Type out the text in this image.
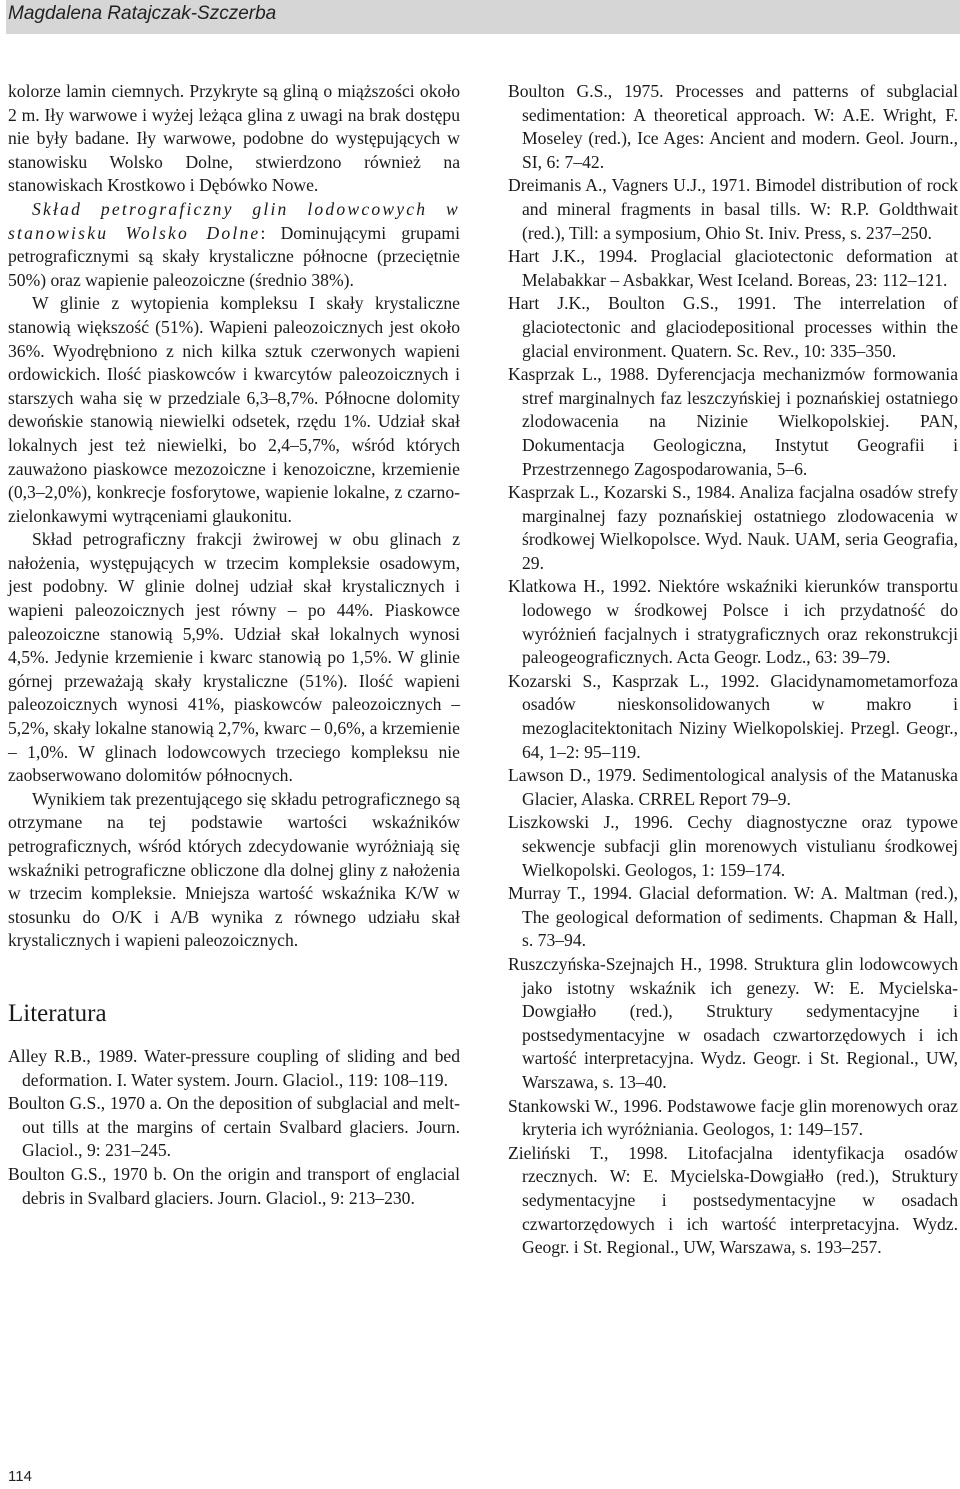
Magdalena Ratajczak-Szczerba

kolorze lamin ciemnych. Przykryte są gliną o miąższości około 2 m. Iły warwowe i wyżej leżąca glina z uwagi na brak dostępu nie były badane. Iły warwowe, podobne do występujących w stanowisku Wolsko Dolne, stwierdzono również na stanowiskach Krostkowo i Dębówko Nowe.

Skład petrograficzny glin lodowcowych w stanowisku Wolsko Dolne: Dominującymi grupami petrograficznymi są skały krystaliczne północne (przeciętnie 50%) oraz wapienie paleozoiczne (średnio 38%).

W glinie z wytopienia kompleksu I skały krystaliczne stanowią większość (51%). Wapieni paleozoicznych jest około 36%. Wyodrębniono z nich kilka sztuk czerwonych wapieni ordowickich. Ilość piaskowców i kwarcytów paleozoicznych i starszych waha się w przedziale 6,3–8,7%. Północne dolomity dewońskie stanowią niewielki odsetek, rzędu 1%. Udział skał lokalnych jest też niewielki, bo 2,4–5,7%, wśród których zauważono piaskowce mezozoiczne i kenozoiczne, krzemienie (0,3–2,0%), konkrecje fosforytowe, wapienie lokalne, z czarno-zielonkawymi wytrąceniami glaukonitu.

Skład petrograficzny frakcji żwirowej w obu glinach z nałożenia, występujących w trzecim kompleksie osadowym, jest podobny. W glinie dolnej udział skał krystalicznych i wapieni paleozoicznych jest równy – po 44%. Piaskowce paleozoiczne stanowią 5,9%. Udział skał lokalnych wynosi 4,5%. Jedynie krzemienie i kwarc stanowią po 1,5%. W glinie górnej przeważają skały krystaliczne (51%). Ilość wapieni paleozoicznych wynosi 41%, piaskowców paleozoicznych – 5,2%, skały lokalne stanowią 2,7%, kwarc – 0,6%, a krzemienie – 1,0%. W glinach lodowcowych trzeciego kompleksu nie zaobserwowano dolomitów północnych.

Wynikiem tak prezentującego się składu petrograficznego są otrzymane na tej podstawie wartości wskaźników petrograficznych, wśród których zdecydowanie wyróżniają się wskaźniki petrograficzne obliczone dla dolnej gliny z nałożenia w trzecim kompleksie. Mniejsza wartość wskaźnika K/W w stosunku do O/K i A/B wynika z równego udziału skał krystalicznych i wapieni paleozoicznych.

Literatura

Alley R.B., 1989. Water-pressure coupling of sliding and bed deformation. I. Water system. Journ. Glaciol., 119: 108–119.

Boulton G.S., 1970 a. On the deposition of subglacial and melt-out tills at the margins of certain Svalbard glaciers. Journ. Glaciol., 9: 231–245.

Boulton G.S., 1970 b. On the origin and transport of englacial debris in Svalbard glaciers. Journ. Glaciol., 9: 213–230.

Boulton G.S., 1975. Processes and patterns of subglacial sedimentation: A theoretical approach. W: A.E. Wright, F. Moseley (red.), Ice Ages: Ancient and modern. Geol. Journ., SI, 6: 7–42.

Dreimanis A., Vagners U.J., 1971. Bimodel distribution of rock and mineral fragments in basal tills. W: R.P. Goldthwait (red.), Till: a symposium, Ohio St. Iniv. Press, s. 237–250.

Hart J.K., 1994. Proglacial glaciotectonic deformation at Melabakkar – Asbakkar, West Iceland. Boreas, 23: 112–121.

Hart J.K., Boulton G.S., 1991. The interrelation of glaciotectonic and glaciodepositional processes within the glacial environment. Quatern. Sc. Rev., 10: 335–350.

Kasprzak L., 1988. Dyferencjacja mechanizmów formowania stref marginalnych faz leszczyńskiej i poznańskiej ostatniego zlodowacenia na Nizinie Wielkopolskiej. PAN, Dokumentacja Geologiczna, Instytut Geografii i Przestrzennego Zagospodarowania, 5–6.

Kasprzak L., Kozarski S., 1984. Analiza facjalna osadów strefy marginalnej fazy poznańskiej ostatniego zlodowacenia w środkowej Wielkopolsce. Wyd. Nauk. UAM, seria Geografia, 29.

Klatkowa H., 1992. Niektóre wskaźniki kierunków transportu lodowego w środkowej Polsce i ich przydatność do wyróżnień facjalnych i stratygraficznych oraz rekonstrukcji paleogeograficznych. Acta Geogr. Lodz., 63: 39–79.

Kozarski S., Kasprzak L., 1992. Glacidynamometamorfoza osadów nieskonsolidowanych w makro i mezoglacitektonitach Niziny Wielkopolskiej. Przegl. Geogr., 64, 1–2: 95–119.

Lawson D., 1979. Sedimentological analysis of the Matanuska Glacier, Alaska. CRREL Report 79–9.

Liszkowski J., 1996. Cechy diagnostyczne oraz typowe sekwencje subfacji glin morenowych vistulianu środkowej Wielkopolski. Geologos, 1: 159–174.

Murray T., 1994. Glacial deformation. W: A. Maltman (red.), The geological deformation of sediments. Chapman & Hall, s. 73–94.

Ruszczyńska-Szejnajch H., 1998. Struktura glin lodowcowych jako istotny wskaźnik ich genezy. W: E. Mycielska-Dowgiałło (red.), Struktury sedymentacyjne i postsedymentacyjne w osadach czwartorzędowych i ich wartość interpretacyjna. Wydz. Geogr. i St. Regional., UW, Warszawa, s. 13–40.

Stankowski W., 1996. Podstawowe facje glin morenowych oraz kryteria ich wyróżniania. Geologos, 1: 149–157.

Zieliński T., 1998. Litofacjalna identyfikacja osadów rzecznych. W: E. Mycielska-Dowgiałło (red.), Struktury sedymentacyjne i postsedymentacyjne w osadach czwartorzędowych i ich wartość interpretacyjna. Wydz. Geogr. i St. Regional., UW, Warszawa, s. 193–257.

114
